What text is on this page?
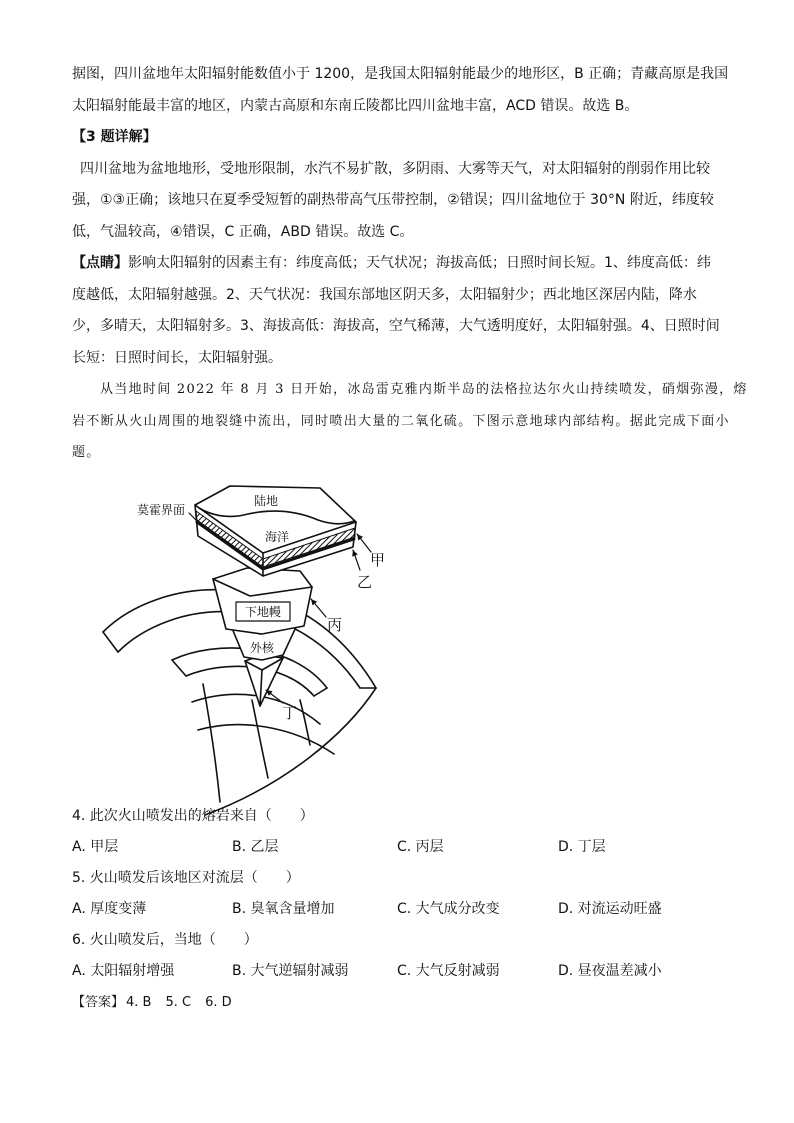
据图，四川盆地年太阳辐射能数值小于 1200，是我国太阳辐射能最少的地形区，B 正确；青藏高原是我国
太阳辐射能最丰富的地区，内蒙古高原和东南丘陵都比四川盆地丰富，ACD 错误。故选 B。
【3 题详解】
四川盆地为盆地地形，受地形限制，水汽不易扩散，多阴雨、大雾等天气，对太阳辐射的削弱作用比较
强，①③正确；该地只在夏季受短暂的副热带高气压带控制，②错误；四川盆地位于 30°N 附近，纬度较
低，气温较高，④错误，C 正确，ABD 错误。故选 C。
【点睛】影响太阳辐射的因素主有：纬度高低；天气状况；海拔高低；日照时间长短。1、纬度高低：纬
度越低，太阳辐射越强。2、天气状况：我国东部地区阴天多，太阳辐射少；西北地区深居内陆，降水
少，多晴天，太阳辐射多。3、海拔高低：海拔高，空气稀薄，大气透明度好，太阳辐射强。4、日照时间
长短：日照时间长，太阳辐射强。
从当地时间 2022 年 8 月 3 日开始，冰岛雷克雅内斯半岛的法格拉达尔火山持续喷发，硝烟弥漫，熔
岩不断从火山周围的地裂缝中流出，同时喷出大量的二氧化硫。下图示意地球内部结构。据此完成下面小
题。
外核
下地幔
陆地
海洋
莫霍界面
甲
乙
丙
丁
4. 此次火山喷发出的熔岩来自（　　）
A. 甲层	B. 乙层	C. 丙层	D. 丁层
5. 火山喷发后该地区对流层（　　）
A. 厚度变薄	B. 臭氧含量增加	C. 大气成分改变	D. 对流运动旺盛
6. 火山喷发后，当地（　　）
A. 太阳辐射增强	B. 大气逆辐射减弱	C. 大气反射减弱	D. 昼夜温差减小
【答案】 4. B 5. C 6. D
